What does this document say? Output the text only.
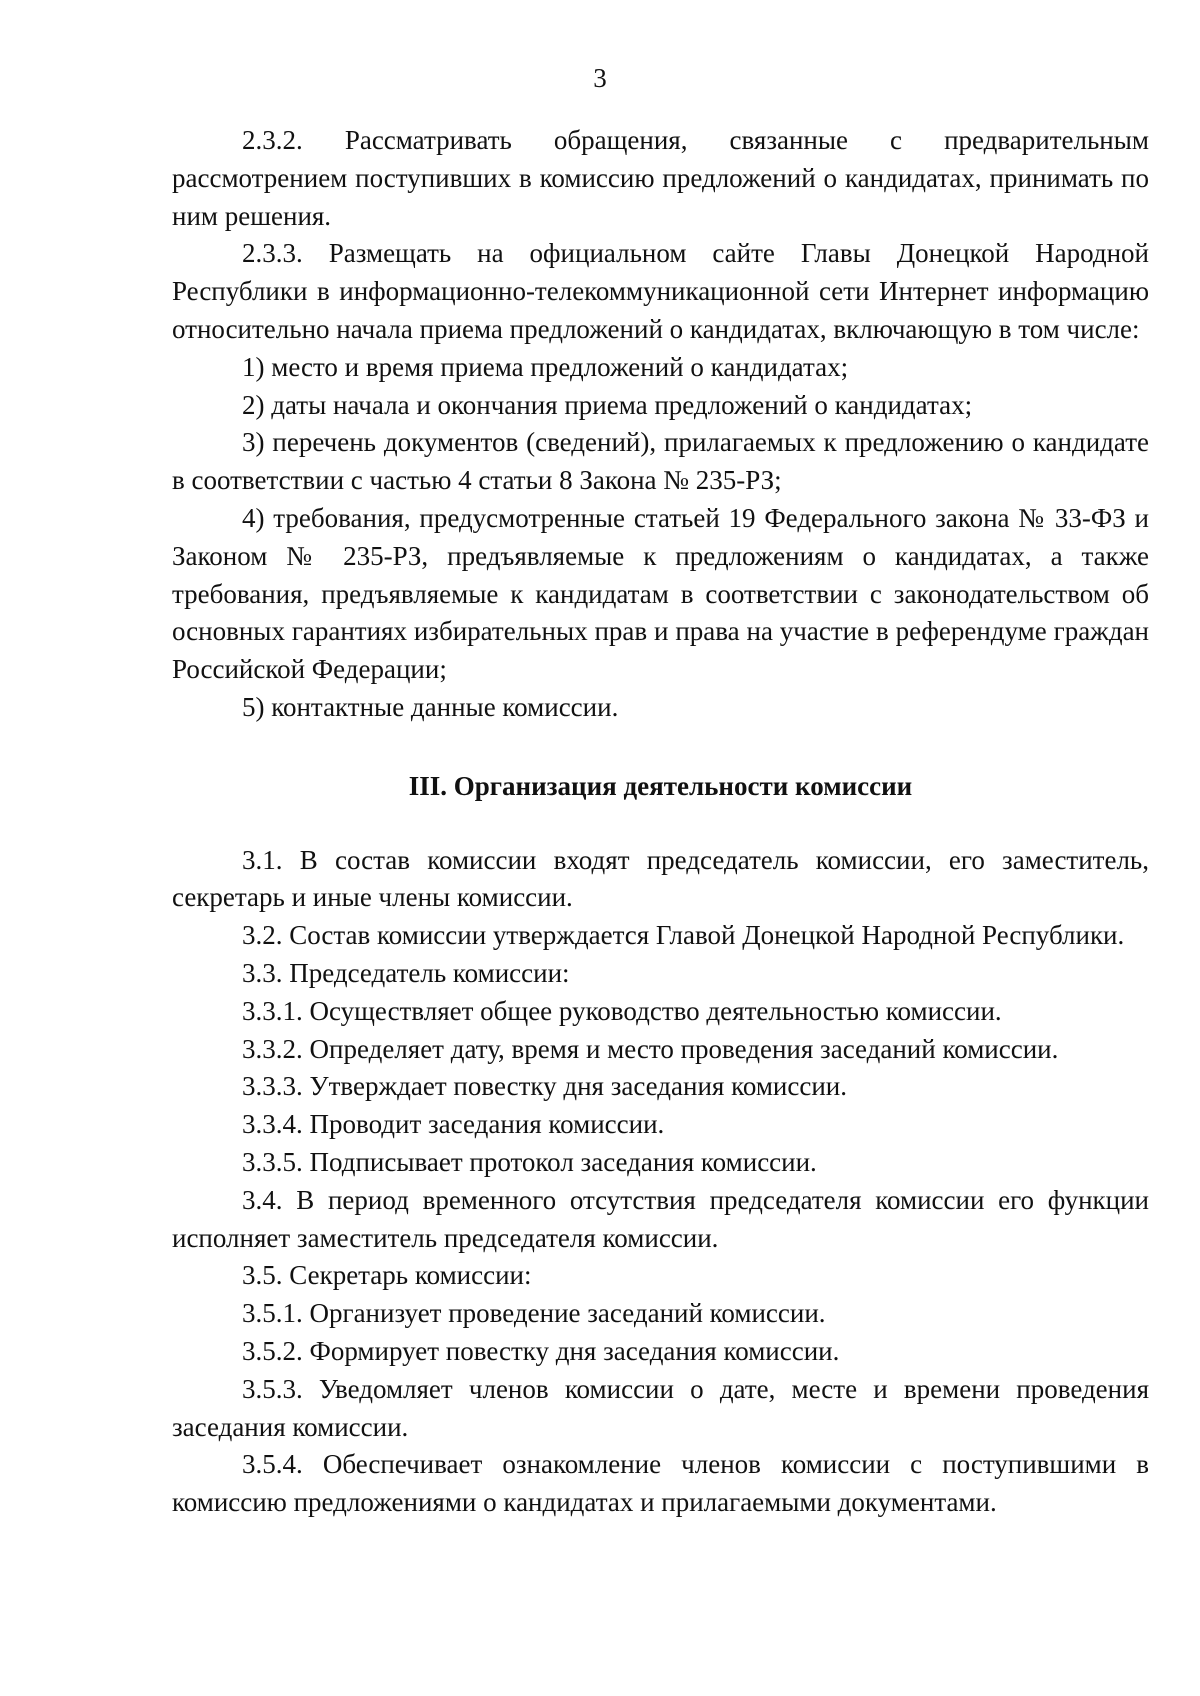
3

2.3.2. Рассматривать обращения, связанные с предварительным рассмотрением поступивших в комиссию предложений о кандидатах, принимать по ним решения.

2.3.3. Размещать на официальном сайте Главы Донецкой Народной Республики в информационно-телекоммуникационной сети Интернет информацию относительно начала приема предложений о кандидатах, включающую в том числе:

1) место и время приема предложений о кандидатах;

2) даты начала и окончания приема предложений о кандидатах;

3) перечень документов (сведений), прилагаемых к предложению о кандидате в соответствии с частью 4 статьи 8 Закона № 235-РЗ;

4) требования, предусмотренные статьей 19 Федерального закона № 33-ФЗ и Законом № 235-РЗ, предъявляемые к предложениям о кандидатах, а также требования, предъявляемые к кандидатам в соответствии с законодательством об основных гарантиях избирательных прав и права на участие в референдуме граждан Российской Федерации;

5) контактные данные комиссии.

III. Организация деятельности комиссии

3.1. В состав комиссии входят председатель комиссии, его заместитель, секретарь и иные члены комиссии.

3.2. Состав комиссии утверждается Главой Донецкой Народной Республики.

3.3. Председатель комиссии:

3.3.1. Осуществляет общее руководство деятельностью комиссии.

3.3.2. Определяет дату, время и место проведения заседаний комиссии.

3.3.3. Утверждает повестку дня заседания комиссии.

3.3.4. Проводит заседания комиссии.

3.3.5. Подписывает протокол заседания комиссии.

3.4. В период временного отсутствия председателя комиссии его функции исполняет заместитель председателя комиссии.

3.5. Секретарь комиссии:

3.5.1. Организует проведение заседаний комиссии.

3.5.2. Формирует повестку дня заседания комиссии.

3.5.3. Уведомляет членов комиссии о дате, месте и времени проведения заседания комиссии.

3.5.4. Обеспечивает ознакомление членов комиссии с поступившими в комиссию предложениями о кандидатах и прилагаемыми документами.
